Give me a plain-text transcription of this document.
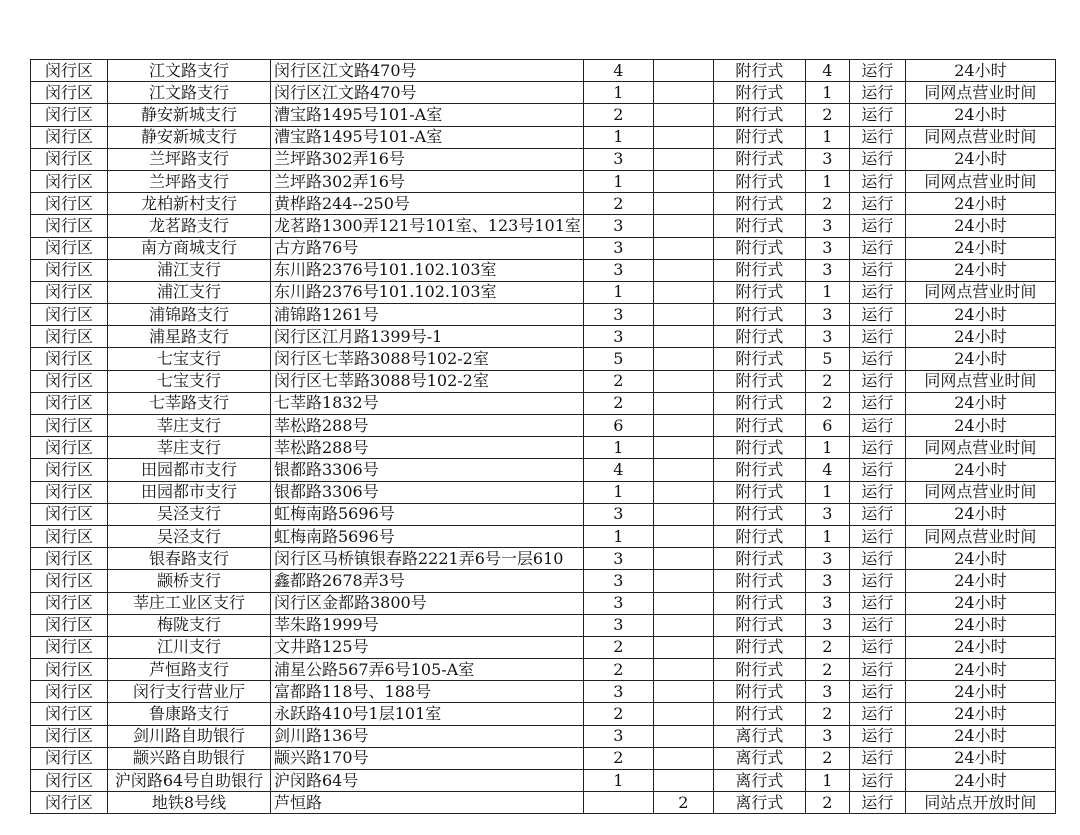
闵行区	江文路支行	闵行区江文路470号	4		附行式	4	运行	24小时
闵行区	江文路支行	闵行区江文路470号	1		附行式	1	运行	同网点营业时间
闵行区	静安新城支行	漕宝路1495号101-A室	2		附行式	2	运行	24小时
闵行区	静安新城支行	漕宝路1495号101-A室	1		附行式	1	运行	同网点营业时间
闵行区	兰坪路支行	兰坪路302弄16号	3		附行式	3	运行	24小时
闵行区	兰坪路支行	兰坪路302弄16号	1		附行式	1	运行	同网点营业时间
闵行区	龙柏新村支行	黄桦路244--250号	2		附行式	2	运行	24小时
闵行区	龙茗路支行	龙茗路1300弄121号101室、123号101室	3		附行式	3	运行	24小时
闵行区	南方商城支行	古方路76号	3		附行式	3	运行	24小时
闵行区	浦江支行	东川路2376号101.102.103室	3		附行式	3	运行	24小时
闵行区	浦江支行	东川路2376号101.102.103室	1		附行式	1	运行	同网点营业时间
闵行区	浦锦路支行	浦锦路1261号	3		附行式	3	运行	24小时
闵行区	浦星路支行	闵行区江月路1399号-1	3		附行式	3	运行	24小时
闵行区	七宝支行	闵行区七莘路3088号102-2室	5		附行式	5	运行	24小时
闵行区	七宝支行	闵行区七莘路3088号102-2室	2		附行式	2	运行	同网点营业时间
闵行区	七莘路支行	七莘路1832号	2		附行式	2	运行	24小时
闵行区	莘庄支行	莘松路288号	6		附行式	6	运行	24小时
闵行区	莘庄支行	莘松路288号	1		附行式	1	运行	同网点营业时间
闵行区	田园都市支行	银都路3306号	4		附行式	4	运行	24小时
闵行区	田园都市支行	银都路3306号	1		附行式	1	运行	同网点营业时间
闵行区	吴泾支行	虹梅南路5696号	3		附行式	3	运行	24小时
闵行区	吴泾支行	虹梅南路5696号	1		附行式	1	运行	同网点营业时间
闵行区	银春路支行	闵行区马桥镇银春路2221弄6号一层610	3		附行式	3	运行	24小时
闵行区	颛桥支行	鑫都路2678弄3号	3		附行式	3	运行	24小时
闵行区	莘庄工业区支行	闵行区金都路3800号	3		附行式	3	运行	24小时
闵行区	梅陇支行	莘朱路1999号	3		附行式	3	运行	24小时
闵行区	江川支行	文井路125号	2		附行式	2	运行	24小时
闵行区	芦恒路支行	浦星公路567弄6号105-A室	2		附行式	2	运行	24小时
闵行区	闵行支行营业厅	富都路118号、188号	3		附行式	3	运行	24小时
闵行区	鲁康路支行	永跃路410号1层101室	2		附行式	2	运行	24小时
闵行区	剑川路自助银行	剑川路136号	3		离行式	3	运行	24小时
闵行区	颛兴路自助银行	颛兴路170号	2		离行式	2	运行	24小时
闵行区	沪闵路64号自助银行	沪闵路64号	1		离行式	1	运行	24小时
闵行区	地铁8号线	芦恒路		2	离行式	2	运行	同站点开放时间
